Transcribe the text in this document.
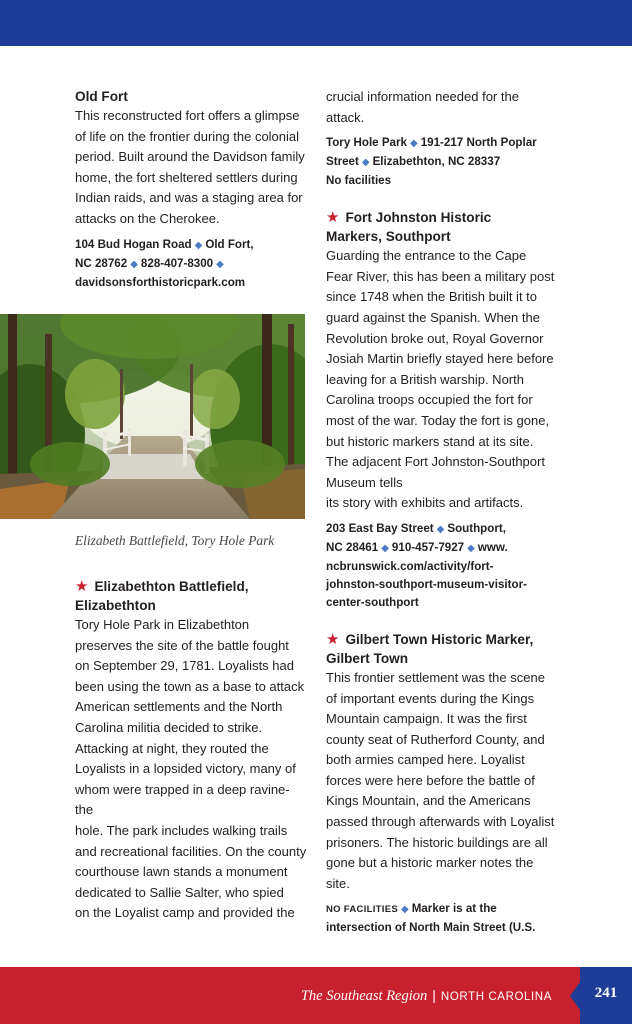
Old Fort

This reconstructed fort offers a glimpse
of life on the frontier during the colonial
period. Built around the Davidson family
home, the fort sheltered settlers during
Indian raids, and was a staging area for
attacks on the Cherokee.

104 Bud Hogan Road ◆ Old Fort,
NC 28762 ◆ 828-407-8300 ◆
davidsonsforthistoricpark.com

Elizabeth Battlefield, Tory Hole Park

★ Elizabethton Battlefield,
Elizabethton

Tory Hole Park in Elizabethton
preserves the site of the battle fought
on September 29, 1781. Loyalists had
been using the town as a base to attack
American settlements and the North
Carolina militia decided to strike.
Attacking at night, they routed the
Loyalists in a lopsided victory, many of
whom were trapped in a deep ravine- the
hole. The park includes walking trails
and recreational facilities. On the county
courthouse lawn stands a monument
dedicated to Sallie Salter, who spied
on the Loyalist camp and provided the

crucial information needed for the
attack.

Tory Hole Park ◆ 191-217 North Poplar
Street ◆ Elizabethton, NC 28337
No facilities

★ Fort Johnston Historic
Markers, Southport

Guarding the entrance to the Cape
Fear River, this has been a military post
since 1748 when the British built it to
guard against the Spanish. When the
Revolution broke out, Royal Governor
Josiah Martin briefly stayed here before
leaving for a British warship. North
Carolina troops occupied the fort for
most of the war. Today the fort is gone,
but historic markers stand at its site.
The adjacent Fort Johnston-Southport
Museum tells
its story with exhibits and artifacts.

203 East Bay Street ◆ Southport,
NC 28461 ◆ 910-457-7927 ◆ www.
ncbrunswick.com/activity/fort-
johnston-southport-museum-visitor-
center-southport

★ Gilbert Town Historic Marker,
Gilbert Town

This frontier settlement was the scene
of important events during the Kings
Mountain campaign. It was the first
county seat of Rutherford County, and
both armies camped here. Loyalist
forces were here before the battle of
Kings Mountain, and the Americans
passed through afterwards with Loyalist
prisoners. The historic buildings are all
gone but a historic marker notes the site.

NO FACILITIES ◆ Marker is at the
intersection of North Main Street (U.S.

The Southeast Region | NORTH CAROLINA	241
